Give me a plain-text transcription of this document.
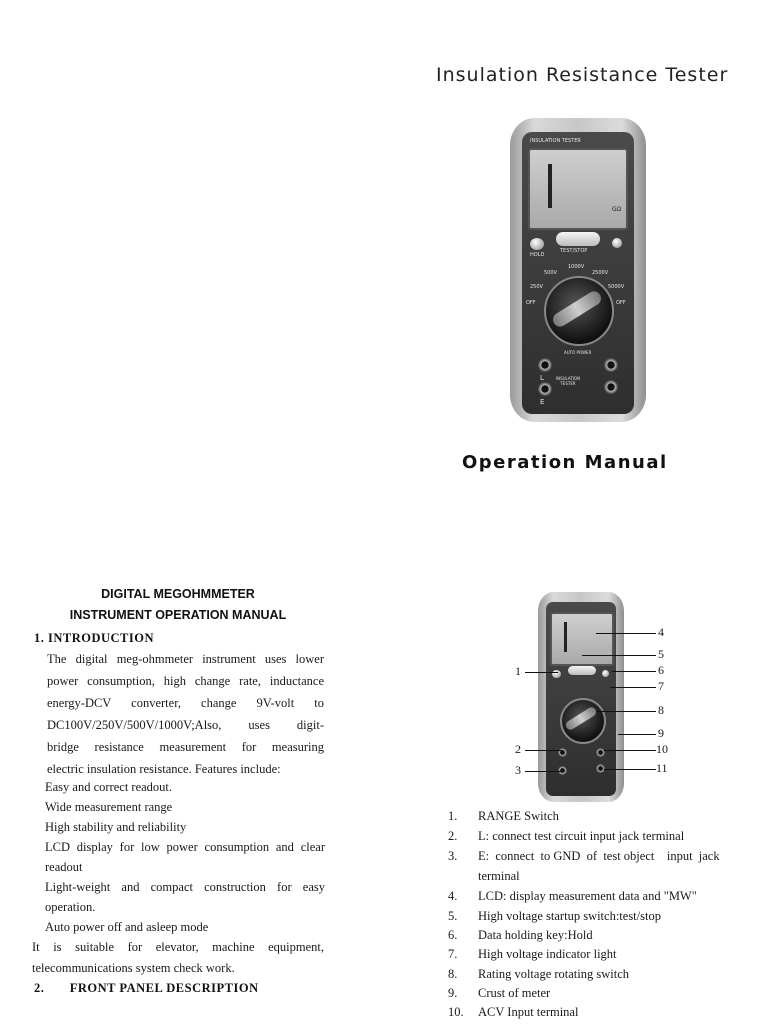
Insulation Resistance Tester
INSULATION TESTER
GΩ
HOLD
TEST/STOP
1000V
500V	2500V
250V	5000V
OFF	OFF
AUTO POWER
L	INSULATION TESTER
E
Operation Manual
DIGITAL MEGOHMMETER
INSTRUMENT OPERATION MANUAL
1. INTRODUCTION
The digital meg-ohmmeter instrument uses lower
power consumption, high change rate, inductance
energy-DCV converter, change 9V-volt to
DC100V/250V/500V/1000V;Also, uses digit-
bridge resistance measurement for measuring
electric insulation resistance. Features include:
Easy and correct readout.
Wide measurement range
High stability and reliability
LCD display for low power consumption and clear
readout
Light-weight and compact construction for easy
operation.
Auto power off and asleep mode
It is suitable for elevator, machine equipment,
telecommunications system check work.
2.       FRONT PANEL DESCRIPTION
1
2
3
4
5
6
7
8
9
10
11
1.	RANGE Switch
2.	L: connect test circuit input jack terminal
3.	E:  connect  to GND  of  test object    input  jack
terminal
4.	LCD: display measurement data and "MW"
5.	High voltage startup switch:test/stop
6.	Data holding key:Hold
7.	High voltage indicator light
8.	Rating voltage rotating switch
9.	Crust of meter
10.	ACV Input terminal
